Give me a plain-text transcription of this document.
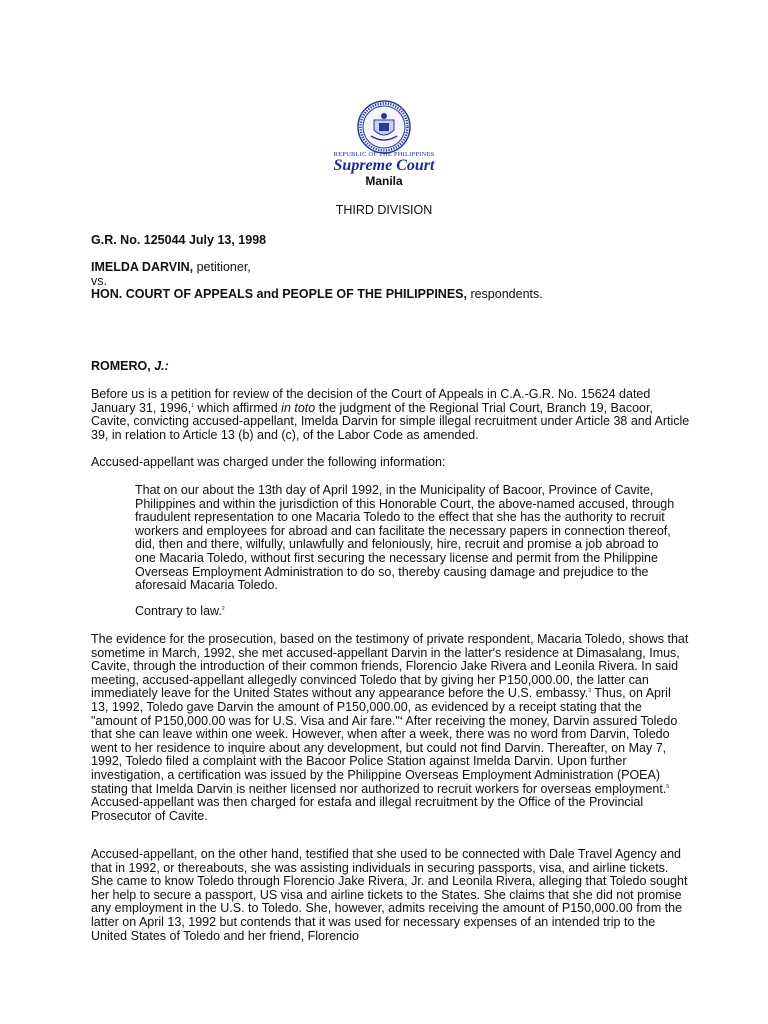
REPUBLIC OF THE PHILIPPINES
Supreme Court
Manila
THIRD DIVISION
G.R. No. 125044 July 13, 1998
IMELDA DARVIN, petitioner,
vs.
HON. COURT OF APPEALS and PEOPLE OF THE PHILIPPINES, respondents.
ROMERO, J.:
Before us is a petition for review of the decision of the Court of Appeals in C.A.-G.R. No. 15624 dated January 31, 1996,$^1$ which affirmed in toto the judgment of the Regional Trial Court, Branch 19, Bacoor, Cavite, convicting accused-appellant, Imelda Darvin for simple illegal recruitment under Article 38 and Article 39, in relation to Article 13 (b) and (c), of the Labor Code as amended.
Accused-appellant was charged under the following information:
That on our about the 13th day of April 1992, in the Municipality of Bacoor, Province of Cavite, Philippines and within the jurisdiction of this Honorable Court, the above-named accused, through fraudulent representation to one Macaria Toledo to the effect that she has the authority to recruit workers and employees for abroad and can facilitate the necessary papers in connection thereof, did, then and there, wilfully, unlawfully and feloniously, hire, recruit and promise a job abroad to one Macaria Toledo, without first securing the necessary license and permit from the Philippine Overseas Employment Administration to do so, thereby causing damage and prejudice to the aforesaid Macaria Toledo.
Contrary to law.$^2$
The evidence for the prosecution, based on the testimony of private respondent, Macaria Toledo, shows that sometime in March, 1992, she met accused-appellant Darvin in the latter's residence at Dimasalang, Imus, Cavite, through the introduction of their common friends, Florencio Jake Rivera and Leonila Rivera. In said meeting, accused-appellant allegedly convinced Toledo that by giving her P150,000.00, the latter can immediately leave for the United States without any appearance before the U.S. embassy.$^3$ Thus, on April 13, 1992, Toledo gave Darvin the amount of P150,000.00, as evidenced by a receipt stating that the "amount of P150,000.00 was for U.S. Visa and Air fare."$^4$ After receiving the money, Darvin assured Toledo that she can leave within one week. However, when after a week, there was no word from Darvin, Toledo went to her residence to inquire about any development, but could not find Darvin. Thereafter, on May 7, 1992, Toledo filed a complaint with the Bacoor Police Station against Imelda Darvin. Upon further investigation, a certification was issued by the Philippine Overseas Employment Administration (POEA) stating that Imelda Darvin is neither licensed nor authorized to recruit workers for overseas employment.$^5$ Accused-appellant was then charged for estafa and illegal recruitment by the Office of the Provincial Prosecutor of Cavite.
Accused-appellant, on the other hand, testified that she used to be connected with Dale Travel Agency and that in 1992, or thereabouts, she was assisting individuals in securing passports, visa, and airline tickets. She came to know Toledo through Florencio Jake Rivera, Jr. and Leonila Rivera, alleging that Toledo sought her help to secure a passport, US visa and airline tickets to the States. She claims that she did not promise any employment in the U.S. to Toledo. She, however, admits receiving the amount of P150,000.00 from the latter on April 13, 1992 but contends that it was used for necessary expenses of an intended trip to the United States of Toledo and her friend, Florencio
